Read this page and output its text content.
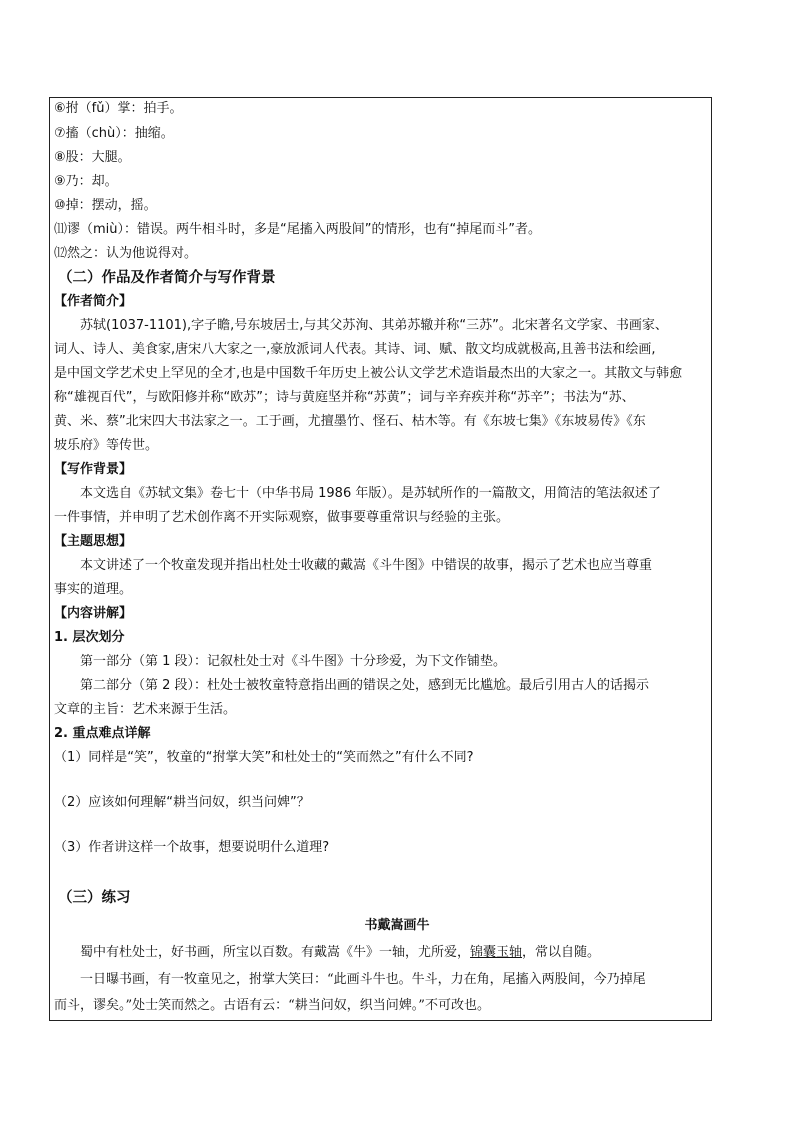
⑥拊（fǔ）掌：拍手。
⑦搐（chù）：抽缩。
⑧股：大腿。
⑨乃：却。
⑩掉：摆动，摇。
⑾谬（miù）：错误。两牛相斗时，多是“尾搐入两股间”的情形，也有“掉尾而斗”者。
⑿然之：认为他说得对。
（二）作品及作者简介与写作背景
【作者简介】
苏轼(1037-1101),字子瞻,号东坡居士,与其父苏洵、其弟苏辙并称“三苏”。北宋著名文学家、书画家、
词人、诗人、美食家,唐宋八大家之一,豪放派词人代表。其诗、词、赋、散文均成就极高,且善书法和绘画,
是中国文学艺术史上罕见的全才,也是中国数千年历史上被公认文学艺术造诣最杰出的大家之一。其散文与韩愈
称“雄视百代”，与欧阳修并称“欧苏”；诗与黄庭坚并称“苏黄”；词与辛弃疾并称“苏辛”；书法为“苏、
黄、米、蔡”北宋四大书法家之一。工于画，尤擅墨竹、怪石、枯木等。有《东坡七集》《东坡易传》《东
坡乐府》等传世。
【写作背景】
本文选自《苏轼文集》卷七十（中华书局 1986 年版）。是苏轼所作的一篇散文，用简洁的笔法叙述了
一件事情，并申明了艺术创作离不开实际观察，做事要尊重常识与经验的主张。
【主题思想】
本文讲述了一个牧童发现并指出杜处士收藏的戴嵩《斗牛图》中错误的故事，揭示了艺术也应当尊重
事实的道理。
【内容讲解】
1. 层次划分
第一部分（第 1 段）：记叙杜处士对《斗牛图》十分珍爱，为下文作铺垫。
第二部分（第 2 段）：杜处士被牧童特意指出画的错误之处，感到无比尴尬。最后引用古人的话揭示
文章的主旨：艺术来源于生活。
2. 重点难点详解
（1）同样是“笑”，牧童的“拊掌大笑”和杜处士的“笑而然之”有什么不同?
（2）应该如何理解“耕当问奴，织当问婢”？
（3）作者讲这样一个故事，想要说明什么道理?
（三）练习
书戴嵩画牛
蜀中有杜处士，好书画，所宝以百数。有戴嵩《牛》一轴，尤所爱，锦囊玉轴，常以自随。
一日曝书画，有一牧童见之，拊掌大笑曰：“此画斗牛也。牛斗，力在角，尾搐入两股间，今乃掉尾
而斗，谬矣。”处士笑而然之。古语有云：“耕当问奴，织当问婢。”不可改也。
